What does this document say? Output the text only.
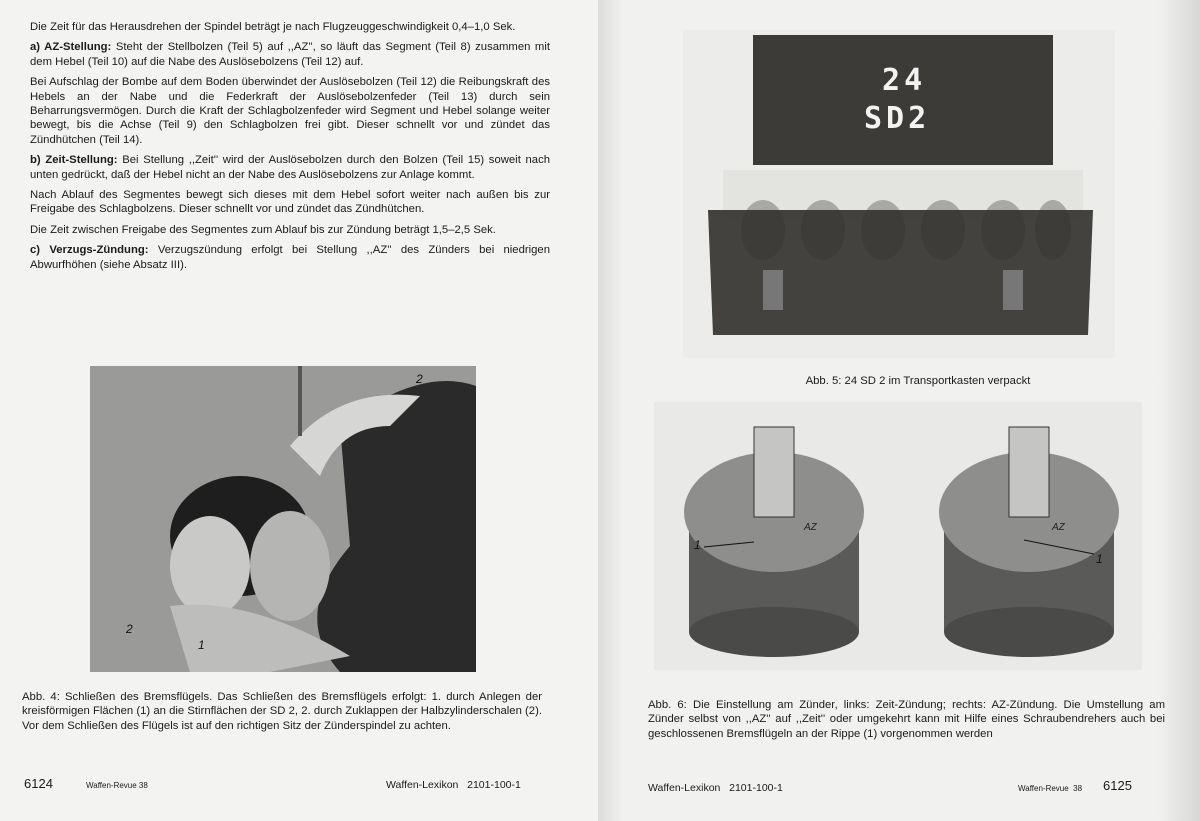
Die Zeit für das Herausdrehen der Spindel beträgt je nach Flugzeuggeschwindigkeit 0,4–1,0 Sek.

a) AZ-Stellung: Steht der Stellbolzen (Teil 5) auf ,,AZ'', so läuft das Segment (Teil 8) zusammen mit dem Hebel (Teil 10) auf die Nabe des Auslösebolzens (Teil 12) auf.

Bei Aufschlag der Bombe auf dem Boden überwindet der Auslösebolzen (Teil 12) die Reibungskraft des Hebels an der Nabe und die Federkraft der Auslösebolzenfeder (Teil 13) durch sein Beharrungsvermögen. Durch die Kraft der Schlagbolzenfeder wird Segment und Hebel solange weiter bewegt, bis die Achse (Teil 9) den Schlagbolzen frei gibt. Dieser schnellt vor und zündet das Zündhütchen (Teil 14).

b) Zeit-Stellung: Bei Stellung ,,Zeit'' wird der Auslösebolzen durch den Bolzen (Teil 15) soweit nach unten gedrückt, daß der Hebel nicht an der Nabe des Auslösebolzens zur Anlage kommt.

Nach Ablauf des Segmentes bewegt sich dieses mit dem Hebel sofort weiter nach außen bis zur Freigabe des Schlagbolzens. Dieser schnellt vor und zündet das Zündhütchen.

Die Zeit zwischen Freigabe des Segmentes zum Ablauf bis zur Zündung beträgt 1,5–2,5 Sek.

c) Verzugs-Zündung: Verzugszündung erfolgt bei Stellung ,,AZ'' des Zünders bei niedrigen Abwurfhöhen (siehe Absatz III).

2
2
1
Abb. 4: Schließen des Bremsflügels. Das Schließen des Bremsflügels erfolgt: 1. durch Anlegen der kreisförmigen Flächen (1) an die Stirnflächen der SD 2, 2. durch Zuklappen der Halbzylinderschalen (2). Vor dem Schließen des Flügels ist auf den richtigen Sitz der Zünderspindel zu achten.
6124	Waffen-Revue 38	Waffen-Lexikon   2101-100-1
24
SD2
Abb. 5: 24 SD 2 im Transportkasten verpackt
1
1
AZ	AZ
Abb. 6: Die Einstellung am Zünder, links: Zeit-Zündung; rechts: AZ-Zündung. Die Umstellung am Zünder selbst von ,,AZ'' auf ,,Zeit'' oder umgekehrt kann mit Hilfe eines Schraubendrehers auch bei geschlossenen Bremsflügeln an der Rippe (1) vorgenommen werden
Waffen-Lexikon   2101-100-1	Waffen-Revue  38 6125
